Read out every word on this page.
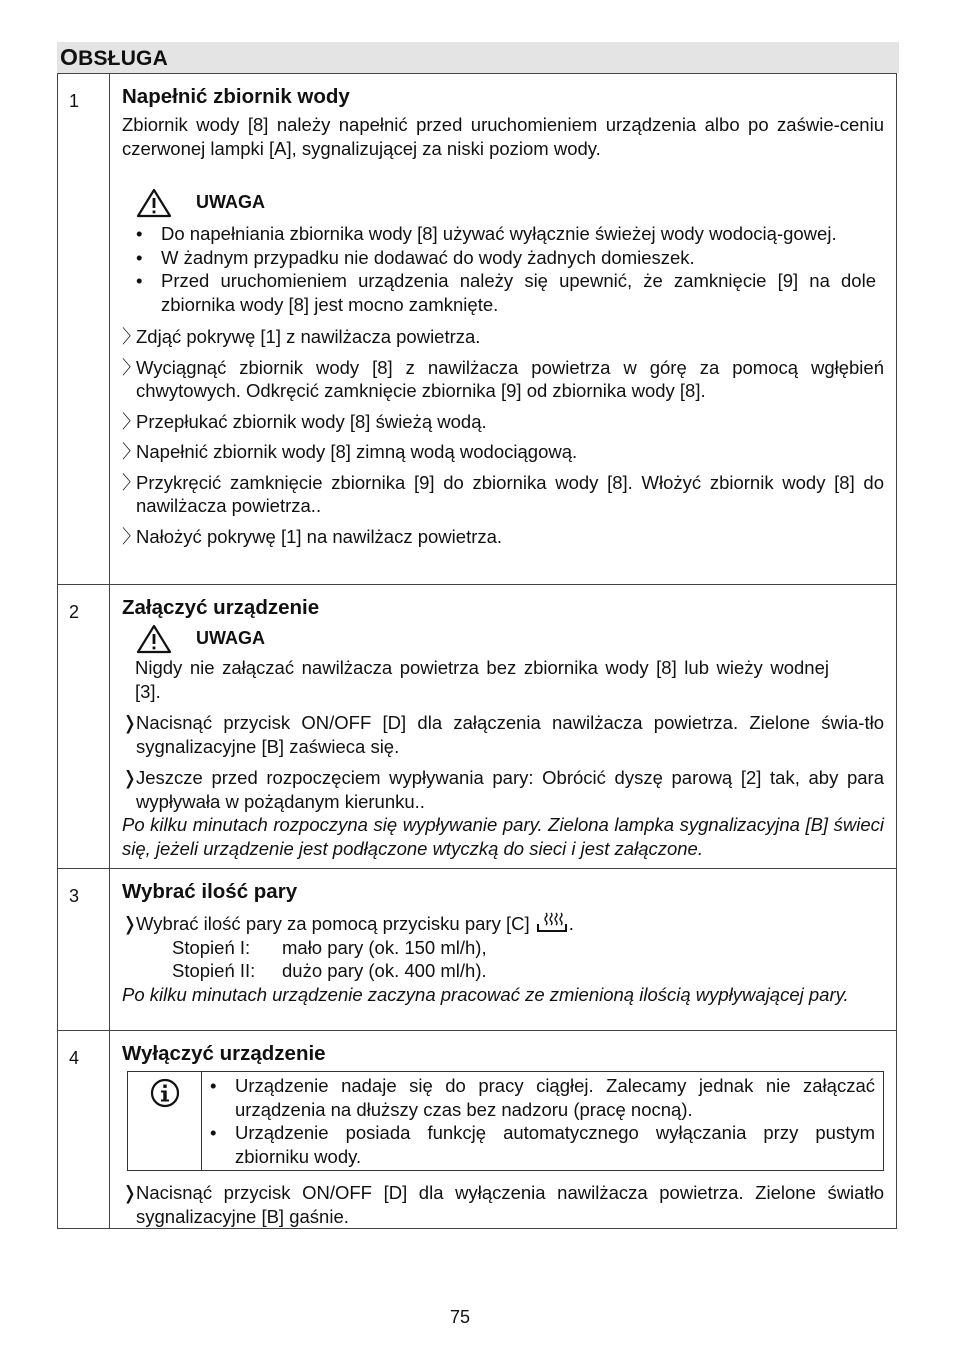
OBSŁUGA
1	Napełnić zbiornik wody

Zbiornik wody [8] należy napełnić przed uruchomieniem urządzenia albo po zaświe-ceniu czerwonej lampki [A], sygnalizującej za niski poziom wody.

UWAGA
• Do napełniania zbiornika wody [8] używać wyłącznie świeżej wody wodocią-gowej.
• W żadnym przypadku nie dodawać do wody żadnych domieszek.
• Przed uruchomieniem urządzenia należy się upewnić, że zamknięcie [9] na dole zbiornika wody [8] jest mocno zamknięte.
〉Zdjąć pokrywę [1] z nawilżacza powietrza.
〉Wyciągnąć zbiornik wody [8] z nawilżacza powietrza w górę za pomocą wgłębień chwytowych. Odkręcić zamknięcie zbiornika [9] od zbiornika wody [8].
〉Przepłukać zbiornik wody [8] świeżą wodą.
〉Napełnić zbiornik wody [8] zimną wodą wodociągową.
〉Przykręcić zamknięcie zbiornika [9] do zbiornika wody [8]. Włożyć zbiornik wody [8] do nawilżacza powietrza..
〉Nałożyć pokrywę [1] na nawilżacz powietrza.
2	Załączyć urządzenie
UWAGA

Nigdy nie załączać nawilżacza powietrza bez zbiornika wody [8] lub wieży wodnej [3].

❭Nacisnąć przycisk ON/OFF [D] dla załączenia nawilżacza powietrza. Zielone świa-tło sygnalizacyjne [B] zaświeca się.
❭Jeszcze przed rozpoczęciem wypływania pary: Obrócić dyszę parową [2] tak, aby para wypływała w pożądanym kierunku..

Po kilku minutach rozpoczyna się wypływanie pary. Zielona lampka sygnalizacyjna [B] świeci się, jeżeli urządzenie jest podłączone wtyczką do sieci i jest załączone.

3	Wybrać ilość pary
❭Wybrać ilość pary za pomocą przycisku pary [C] .
Stopień I: mało pary (ok. 150 ml/h),
Stopień II: dużo pary (ok. 400 ml/h).

Po kilku minutach urządzenie zaczyna pracować ze zmienioną ilością wypływającej pary.

4	Wyłączyć urządzenie
• Urządzenie nadaje się do pracy ciągłej. Zalecamy jednak nie załączać urządzenia na dłuższy czas bez nadzoru (pracę nocną).
• Urządzenie posiada funkcję automatycznego wyłączania przy pustym zbiorniku wody.
❭Nacisnąć przycisk ON/OFF [D] dla wyłączenia nawilżacza powietrza. Zielone światło sygnalizacyjne [B] gaśnie.
75
